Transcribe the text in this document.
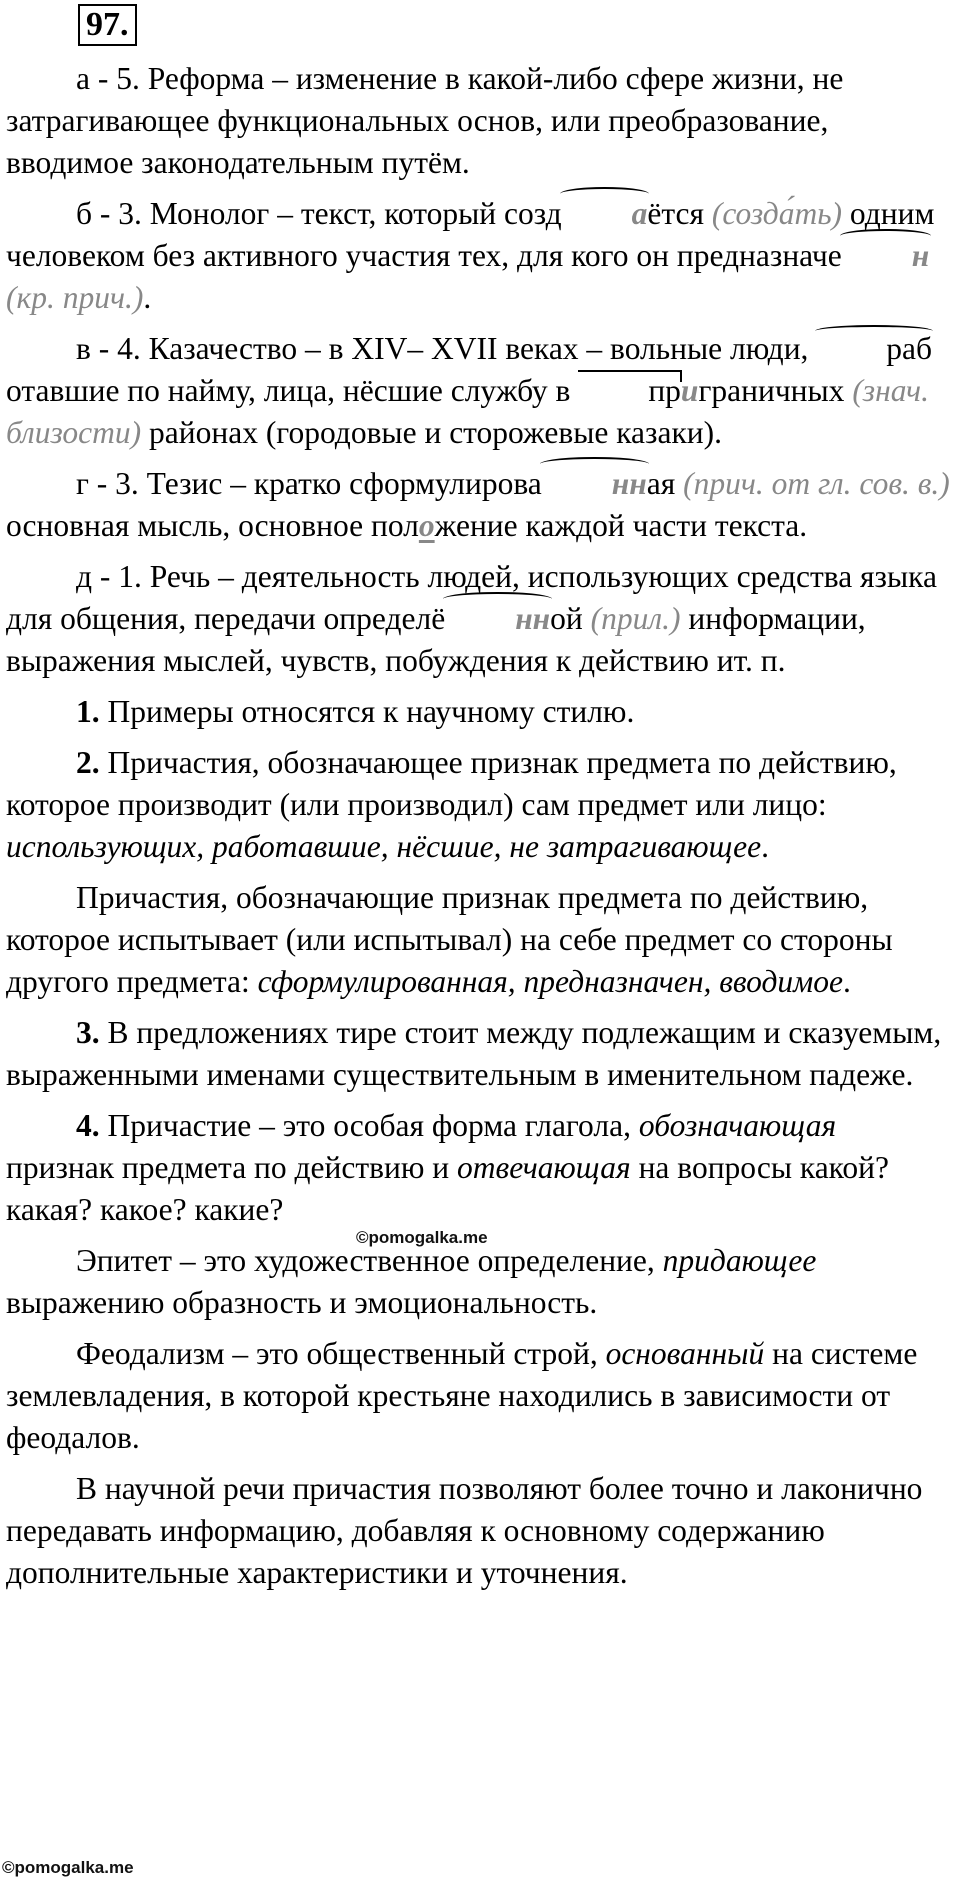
97.

а - 5. Реформа – изменение в какой-либо сфере жизни, не затрагивающее функциональных основ, или преобразование, вводимое законодательным путём.

б - 3. Монолог – текст, который созд аётся (созда́ть) одним человеком без активного участия тех, для кого он предназначе н (кр. прич.).

в - 4. Казачество – в XIV– XVII веках – вольные люди, работавшие по найму, лица, нёсшие службу в приграничных (знач. близости) районах (городовые и сторожевые казаки).

г - 3. Тезис – кратко сформулирова нная (прич. от гл. сов. в.) основная мысль, основное положение каждой части текста.

д - 1. Речь – деятельность людей, использующих средства языка для общения, передачи определё нной (прил.) информации, выражения мыслей, чувств, побуждения к действию ит. п.

1. Примеры относятся к научному стилю.

2. Причастия, обозначающее признак предмета по действию, которое производит (или производил) сам предмет или лицо: использующих, работавшие, нёсшие, не затрагивающее.

Причастия, обозначающие признак предмета по действию, которое испытывает (или испытывал) на себе предмет со стороны другого предмета: сформулированная, предназначен, вводимое.

3. В предложениях тире стоит между подлежащим и сказуемым, выраженными именами существительным в именительном падеже.

4. Причастие – это особая форма глагола, обозначающая признак предмета по действию и отвечающая на вопросы какой? какая? какое? какие?

Эпитет – это художественное определение, придающее выражению образность и эмоциональность.

Феодализм – это общественный строй, основанный на системе землевладения, в которой крестьяне находились в зависимости от феодалов.

В научной речи причастия позволяют более точно и лаконично передавать информацию, добавляя к основному содержанию дополнительные характеристики и уточнения.

©pomogalka.me
©pomogalka.me
